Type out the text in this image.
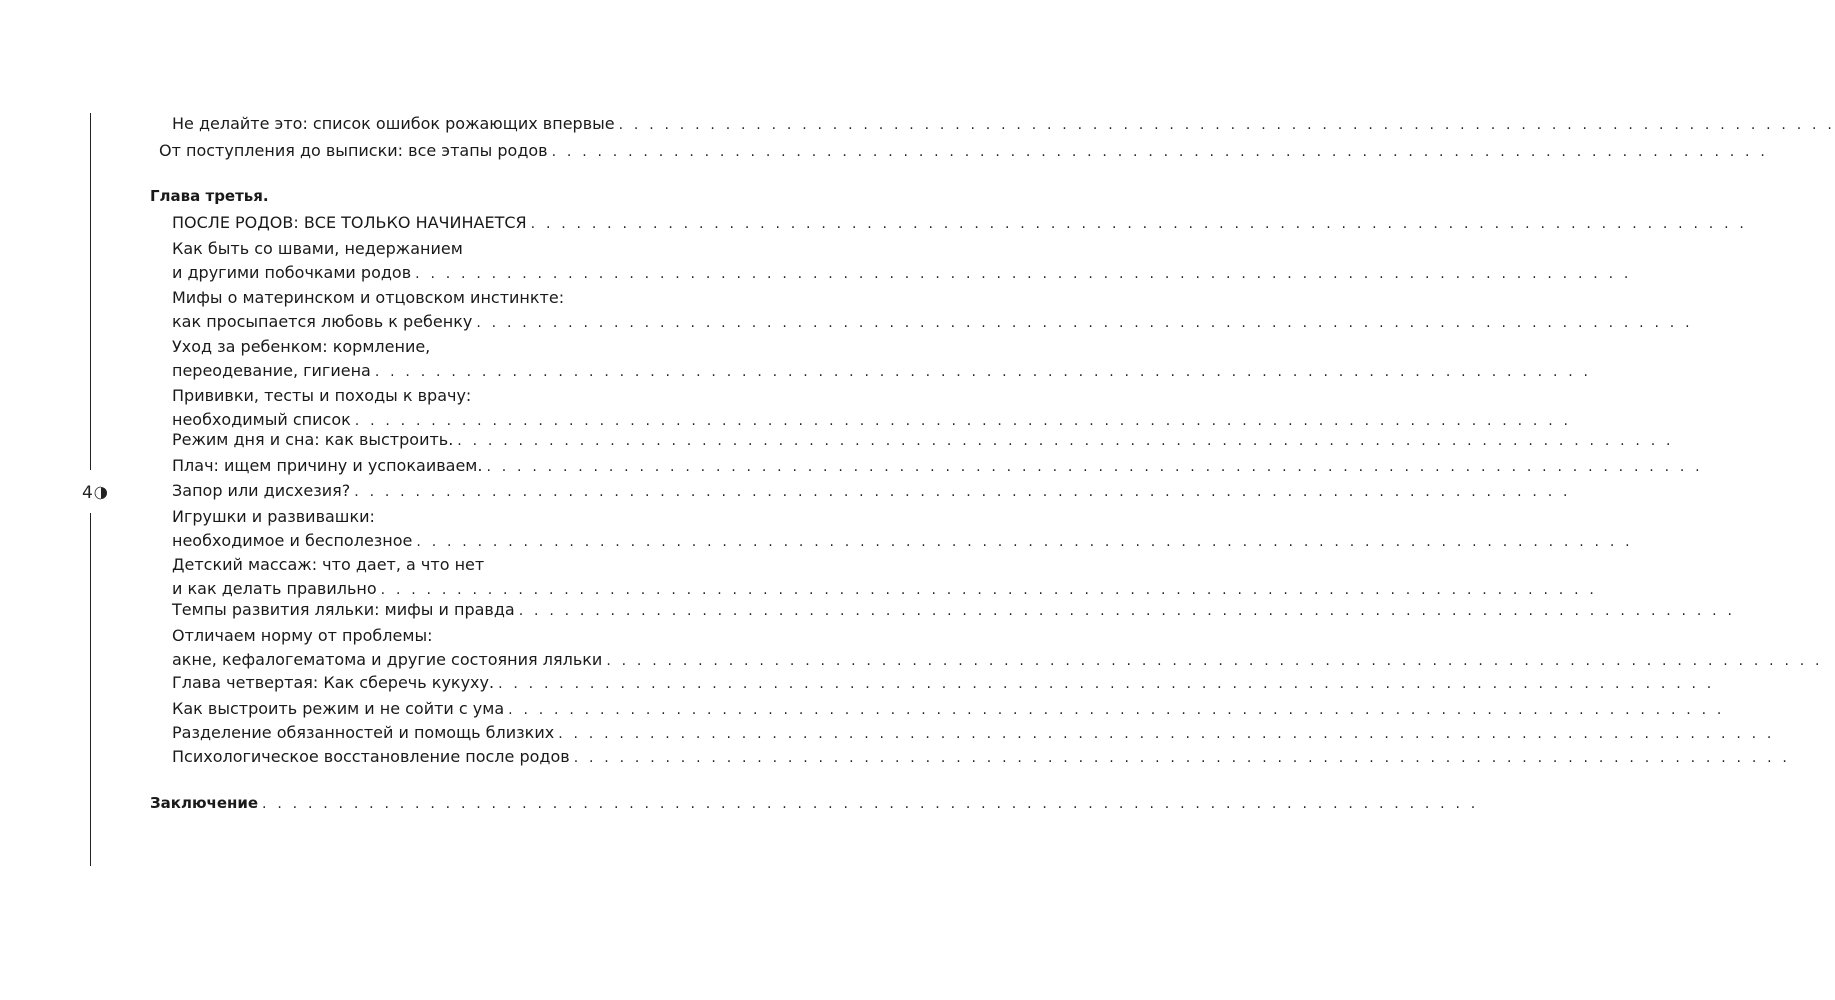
4
Не делайте это: список ошибок рожающих впервые . . . . . . . . . . . . . . . . . . . . . . . . . . . . . . . . . . . . . . . . . . . . . . . . . . . . . . . . . . . . . . . . . . . . . . . . . . . . . . . .
От поступления до выписки: все этапы родов . . . . . . . . . . . . . . . . . . . . . . . . . . . . . . . . . . . . . . . . . . . . . . . . . . . . . . . . . . . . . . . . . . . . . . . . . . . . . . . .
Глава третья.
ПОСЛЕ РОДОВ: ВСЕ ТОЛЬКО НАЧИНАЕТСЯ . . . . . . . . . . . . . . . . . . . . . . . . . . . . . . . . . . . . . . . . . . . . . . . . . . . . . . . . . . . . . . . . . . . . . . . . . . . . . . . .
Как быть со швами, недержанием
и другими побочками родов . . . . . . . . . . . . . . . . . . . . . . . . . . . . . . . . . . . . . . . . . . . . . . . . . . . . . . . . . . . . . . . . . . . . . . . . . . . . . . . .
Мифы о материнском и отцовском инстинкте:
как просыпается любовь к ребенку . . . . . . . . . . . . . . . . . . . . . . . . . . . . . . . . . . . . . . . . . . . . . . . . . . . . . . . . . . . . . . . . . . . . . . . . . . . . . . . .
Уход за ребенком: кормление,
переодевание, гигиена . . . . . . . . . . . . . . . . . . . . . . . . . . . . . . . . . . . . . . . . . . . . . . . . . . . . . . . . . . . . . . . . . . . . . . . . . . . . . . . .
Прививки, тесты и походы к врачу:
необходимый список . . . . . . . . . . . . . . . . . . . . . . . . . . . . . . . . . . . . . . . . . . . . . . . . . . . . . . . . . . . . . . . . . . . . . . . . . . . . . . . .
Режим дня и сна: как выстроить. . . . . . . . . . . . . . . . . . . . . . . . . . . . . . . . . . . . . . . . . . . . . . . . . . . . . . . . . . . . . . . . . . . . . . . . . . . . . . . . .
Плач: ищем причину и успокаиваем. . . . . . . . . . . . . . . . . . . . . . . . . . . . . . . . . . . . . . . . . . . . . . . . . . . . . . . . . . . . . . . . . . . . . . . . . . . . . . . . .
Запор или дисхезия? . . . . . . . . . . . . . . . . . . . . . . . . . . . . . . . . . . . . . . . . . . . . . . . . . . . . . . . . . . . . . . . . . . . . . . . . . . . . . . . .
Игрушки и развивашки:
необходимое и бесполезное . . . . . . . . . . . . . . . . . . . . . . . . . . . . . . . . . . . . . . . . . . . . . . . . . . . . . . . . . . . . . . . . . . . . . . . . . . . . . . . .
Детский массаж: что дает, а что нет
и как делать правильно . . . . . . . . . . . . . . . . . . . . . . . . . . . . . . . . . . . . . . . . . . . . . . . . . . . . . . . . . . . . . . . . . . . . . . . . . . . . . . . .
Темпы развития ляльки: мифы и правда . . . . . . . . . . . . . . . . . . . . . . . . . . . . . . . . . . . . . . . . . . . . . . . . . . . . . . . . . . . . . . . . . . . . . . . . . . . . . . . .
Отличаем норму от проблемы:
акне, кефалогематома и другие состояния ляльки . . . . . . . . . . . . . . . . . . . . . . . . . . . . . . . . . . . . . . . . . . . . . . . . . . . . . . . . . . . . . . . . . . . . . . . . . . . . . . . .
Глава четвертая: Как сберечь кукуху. . . . . . . . . . . . . . . . . . . . . . . . . . . . . . . . . . . . . . . . . . . . . . . . . . . . . . . . . . . . . . . . . . . . . . . . . . . . . . . . .
Как выстроить режим и не сойти с ума . . . . . . . . . . . . . . . . . . . . . . . . . . . . . . . . . . . . . . . . . . . . . . . . . . . . . . . . . . . . . . . . . . . . . . . . . . . . . . . .
Разделение обязанностей и помощь близких . . . . . . . . . . . . . . . . . . . . . . . . . . . . . . . . . . . . . . . . . . . . . . . . . . . . . . . . . . . . . . . . . . . . . . . . . . . . . . . .
Психологическое восстановление после родов . . . . . . . . . . . . . . . . . . . . . . . . . . . . . . . . . . . . . . . . . . . . . . . . . . . . . . . . . . . . . . . . . . . . . . . . . . . . . . . .
Заключение . . . . . . . . . . . . . . . . . . . . . . . . . . . . . . . . . . . . . . . . . . . . . . . . . . . . . . . . . . . . . . . . . . . . . . . . . . . . . . . .
